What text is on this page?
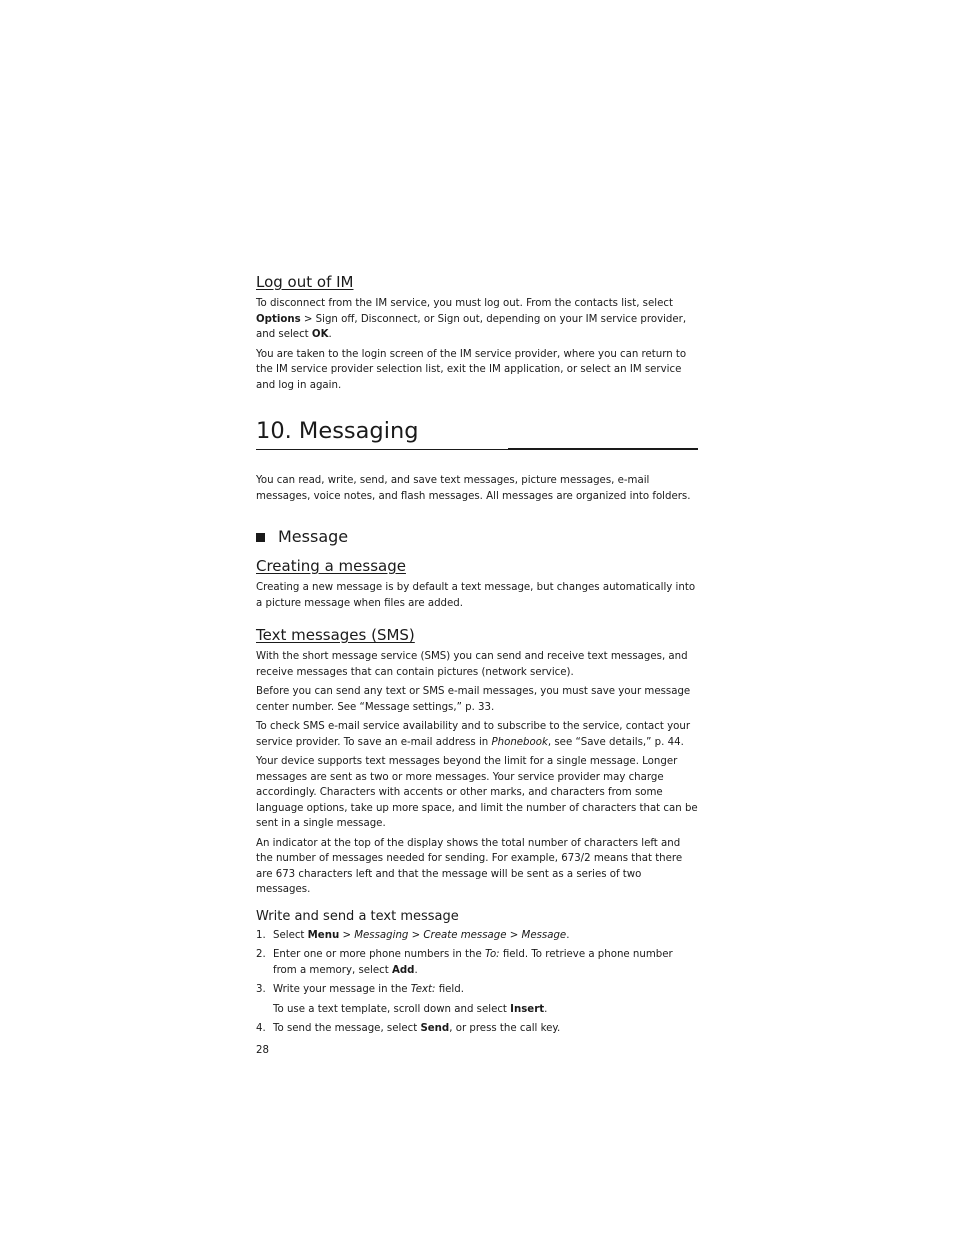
Log out of IM

To disconnect from the IM service, you must log out. From the contacts list, select Options > Sign off, Disconnect, or Sign out, depending on your IM service provider, and select OK.

You are taken to the login screen of the IM service provider, where you can return to the IM service provider selection list, exit the IM application, or select an IM service and log in again.

10. Messaging

You can read, write, send, and save text messages, picture messages, e-mail messages, voice notes, and flash messages. All messages are organized into folders.

Message
Creating a message

Creating a new message is by default a text message, but changes automatically into a picture message when files are added.

Text messages (SMS)

With the short message service (SMS) you can send and receive text messages, and receive messages that can contain pictures (network service).

Before you can send any text or SMS e-mail messages, you must save your message center number. See “Message settings,” p. 33.

To check SMS e-mail service availability and to subscribe to the service, contact your service provider. To save an e-mail address in Phonebook, see “Save details,” p. 44.

Your device supports text messages beyond the limit for a single message. Longer messages are sent as two or more messages. Your service provider may charge accordingly. Characters with accents or other marks, and characters from some language options, take up more space, and limit the number of characters that can be sent in a single message.

An indicator at the top of the display shows the total number of characters left and the number of messages needed for sending. For example, 673/2 means that there are 673 characters left and that the message will be sent as a series of two messages.

Write and send a text message
1. Select Menu > Messaging > Create message > Message.
2. Enter one or more phone numbers in the To: field. To retrieve a phone number from a memory, select Add.
3. Write your message in the Text: field.

To use a text template, scroll down and select Insert.

4. To send the message, select Send, or press the call key.
28
